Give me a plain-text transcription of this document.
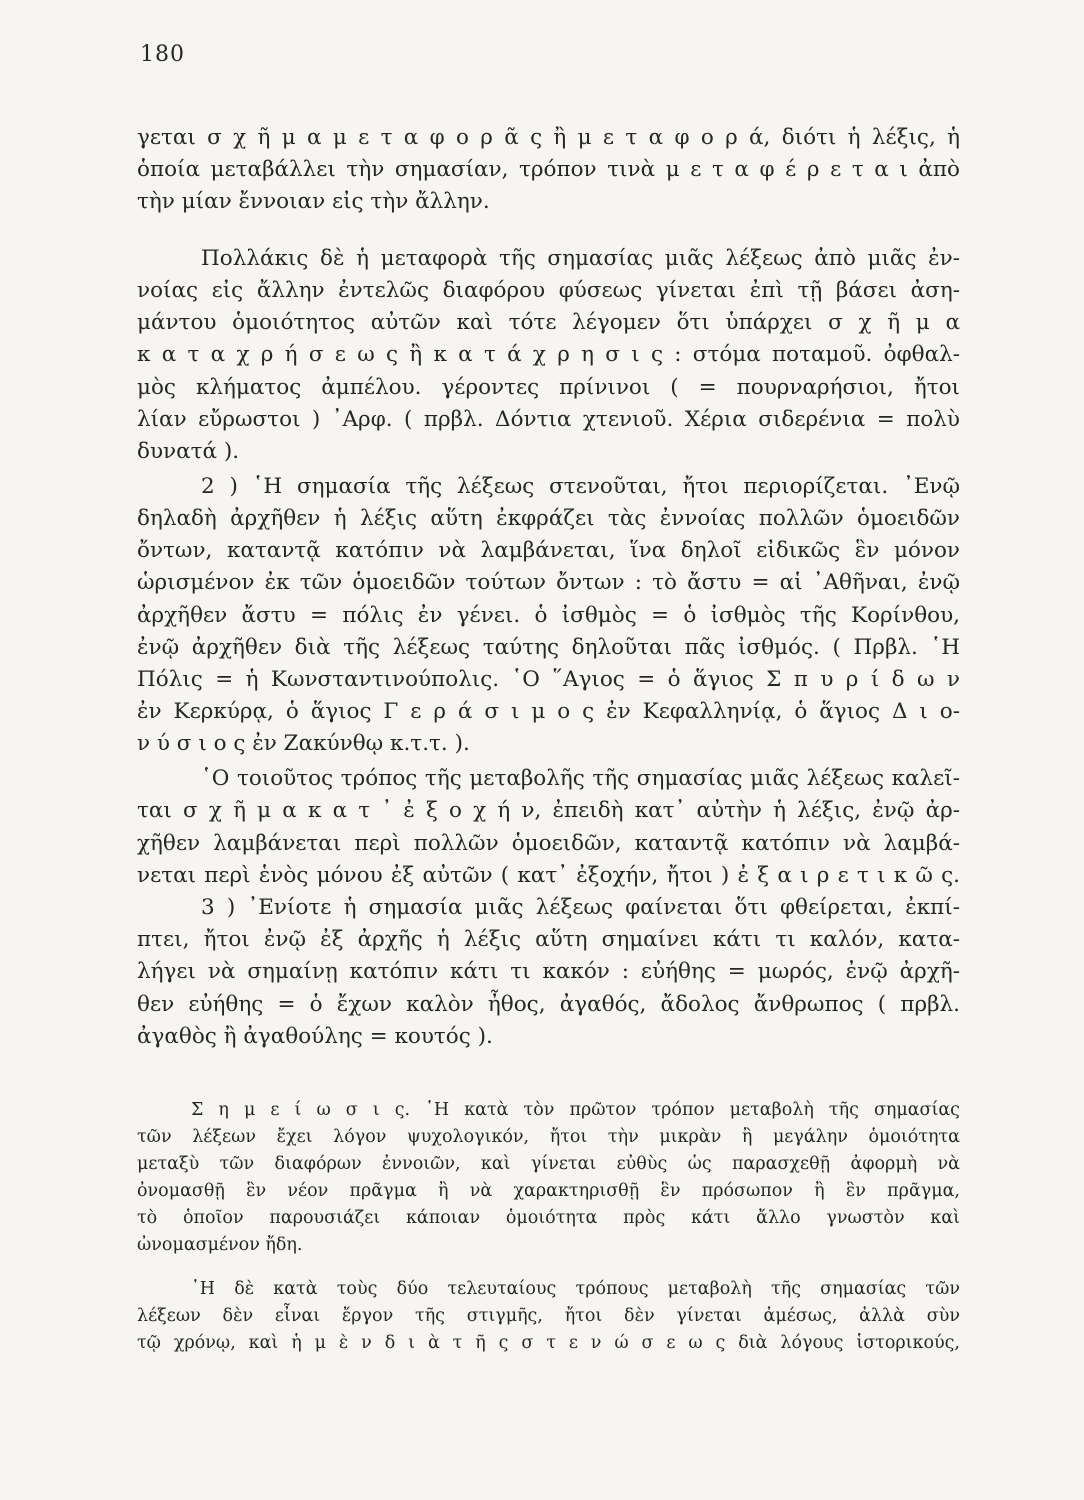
180
γεται σ χ ῆ μ α μ ε τ α φ ο ρ ᾶ ς ἢ μ ε τ α φ ο ρ ά, διότι ἡ λέξις, ἡ
ὁποία μεταβάλλει τὴν σημασίαν, τρόπον τινὰ μ ε τ α φ έ ρ ε τ α ι ἀπὸ
τὴν μίαν ἔννοιαν εἰς τὴν ἄλλην.
Πολλάκις δὲ ἡ μεταφορὰ τῆς σημασίας μιᾶς λέξεως ἀπὸ μιᾶς ἐν-
νοίας εἰς ἄλλην ἐντελῶς διαφόρου φύσεως γίνεται ἐπὶ τῇ βάσει ἀση-
μάντου ὁμοιότητος αὐτῶν καὶ τότε λέγομεν ὅτι ὑπάρχει σ χ ῆ μ α
κ α τ α χ ρ ή σ ε ω ς ἢ κ α τ ά χ ρ η σ ι ς : στόμα ποταμοῦ. ὀφθαλ-
μὸς κλήματος ἀμπέλου. γέροντες πρίνινοι ( = πουρναρήσιοι, ἤτοι
λίαν εὔρωστοι ) ᾿Αρφ. ( πρβλ. Δόντια χτενιοῦ. Χέρια σιδερένια = πολὺ
δυνατά ).
2 ) ῾Η σημασία τῆς λέξεως στενοῦται, ἤτοι περιορίζεται. ᾿Ενῷ
δηλαδὴ ἀρχῆθεν ἡ λέξις αὕτη ἐκφράζει τὰς ἐννοίας πολλῶν ὁμοειδῶν
ὄντων, καταντᾷ κατόπιν νὰ λαμβάνεται, ἵνα δηλοῖ εἰδικῶς ἓν μόνον
ὡρισμένον ἐκ τῶν ὁμοειδῶν τούτων ὄντων : τὸ ἄστυ = αἱ ᾿Αθῆναι, ἐνῷ
ἀρχῆθεν ἄστυ = πόλις ἐν γένει. ὁ ἰσθμὸς = ὁ ἰσθμὸς τῆς Κορίνθου,
ἐνῷ ἀρχῆθεν διὰ τῆς λέξεως ταύτης δηλοῦται πᾶς ἰσθμός. ( Πρβλ. ῾Η
Πόλις = ἡ Κωνσταντινούπολις. ῾Ο ῞Αγιος = ὁ ἅγιος Σ π υ ρ ί δ ω ν
ἐν Κερκύρᾳ, ὁ ἅγιος Γ ε ρ ά σ ι μ ο ς ἐν Κεφαλληνίᾳ, ὁ ἅγιος Δ ι ο-
ν ύ σ ι ο ς ἐν Ζακύνθῳ κ.τ.τ. ).
῾Ο τοιοῦτος τρόπος τῆς μεταβολῆς τῆς σημασίας μιᾶς λέξεως καλεῖ-
ται σ χ ῆ μ α κ α τ ᾿ ἐ ξ ο χ ή ν, ἐπειδὴ κατ᾿ αὐτὴν ἡ λέξις, ἐνῷ ἀρ-
χῆθεν λαμβάνεται περὶ πολλῶν ὁμοειδῶν, καταντᾷ κατόπιν νὰ λαμβά-
νεται περὶ ἑνὸς μόνου ἐξ αὐτῶν ( κατ᾿ ἐξοχήν, ἤτοι ) ἐ ξ α ι ρ ε τ ι κ ῶ ς.
3 ) ᾿Ενίοτε ἡ σημασία μιᾶς λέξεως φαίνεται ὅτι φθείρεται, ἐκπί-
πτει, ἤτοι ἐνῷ ἐξ ἀρχῆς ἡ λέξις αὕτη σημαίνει κάτι τι καλόν, κατα-
λήγει νὰ σημαίνῃ κατόπιν κάτι τι κακόν : εὐήθης = μωρός, ἐνῷ ἀρχῆ-
θεν εὐήθης = ὁ ἔχων καλὸν ἦθος, ἀγαθός, ἄδολος ἄνθρωπος ( πρβλ.
ἀγαθὸς ἢ ἀγαθούλης = κουτός ).
Σ η μ ε ί ω σ ι ς. ῾Η κατὰ τὸν πρῶτον τρόπον μεταβολὴ τῆς σημασίας
τῶν λέξεων ἔχει λόγον ψυχολογικόν, ἤτοι τὴν μικρὰν ἢ μεγάλην ὁμοιότητα
μεταξὺ τῶν διαφόρων ἐννοιῶν, καὶ γίνεται εὐθὺς ὡς παρασχεθῇ ἀφορμὴ νὰ
ὀνομασθῇ ἓν νέον πρᾶγμα ἢ νὰ χαρακτηρισθῇ ἓν πρόσωπον ἢ ἓν πρᾶγμα,
τὸ ὁποῖον παρουσιάζει κάποιαν ὁμοιότητα πρὸς κάτι ἄλλο γνωστὸν καὶ
ὠνομασμένον ἤδη.
῾Η δὲ κατὰ τοὺς δύο τελευταίους τρόπους μεταβολὴ τῆς σημασίας τῶν
λέξεων δὲν εἶναι ἔργον τῆς στιγμῆς, ἤτοι δὲν γίνεται ἀμέσως, ἀλλὰ σὺν
τῷ χρόνῳ, καὶ ἡ μ ὲ ν δ ι ὰ τ ῆ ς σ τ ε ν ώ σ ε ω ς διὰ λόγους ἱστορικούς,
